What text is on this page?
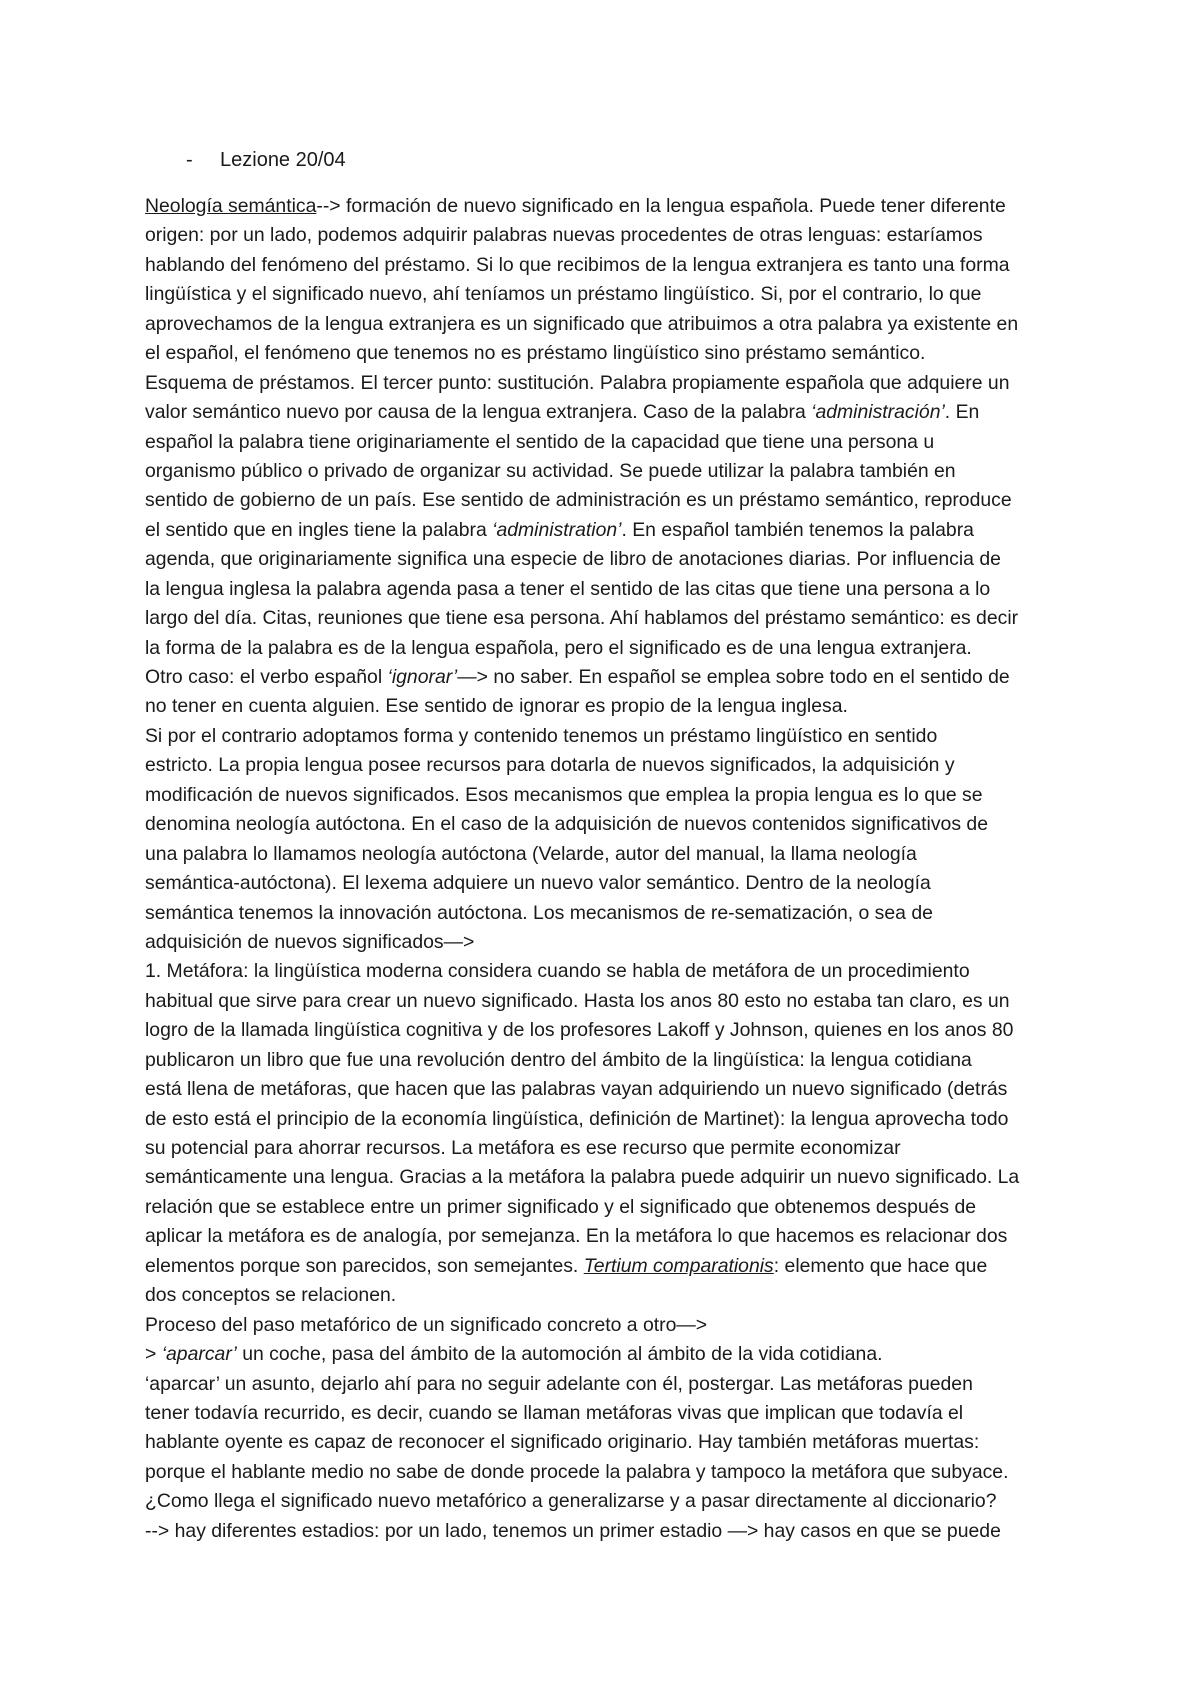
- Lezione 20/04
Neología semántica--> formación de nuevo significado en la lengua española. Puede tener diferente
origen: por un lado, podemos adquirir palabras nuevas procedentes de otras lenguas: estaríamos
hablando del fenómeno del préstamo. Si lo que recibimos de la lengua extranjera es tanto una forma
lingüística y el significado nuevo, ahí teníamos un préstamo lingüístico. Si, por el contrario, lo que
aprovechamos de la lengua extranjera es un significado que atribuimos a otra palabra ya existente en
el español, el fenómeno que tenemos no es préstamo lingüístico sino préstamo semántico.
Esquema de préstamos. El tercer punto: sustitución. Palabra propiamente española que adquiere un
valor semántico nuevo por causa de la lengua extranjera. Caso de la palabra ‘administración’. En
español la palabra tiene originariamente el sentido de la capacidad que tiene una persona u
organismo público o privado de organizar su actividad. Se puede utilizar la palabra también en
sentido de gobierno de un país. Ese sentido de administración es un préstamo semántico, reproduce
el sentido que en ingles tiene la palabra ‘administration’. En español también tenemos la palabra
agenda, que originariamente significa una especie de libro de anotaciones diarias. Por influencia de
la lengua inglesa la palabra agenda pasa a tener el sentido de las citas que tiene una persona a lo
largo del día. Citas, reuniones que tiene esa persona. Ahí hablamos del préstamo semántico: es decir
la forma de la palabra es de la lengua española, pero el significado es de una lengua extranjera.
Otro caso: el verbo español ‘ignorar’—> no saber. En español se emplea sobre todo en el sentido de
no tener en cuenta alguien. Ese sentido de ignorar es propio de la lengua inglesa.
Si por el contrario adoptamos forma y contenido tenemos un préstamo lingüístico en sentido
estricto. La propia lengua posee recursos para dotarla de nuevos significados, la adquisición y
modificación de nuevos significados. Esos mecanismos que emplea la propia lengua es lo que se
denomina neología autóctona. En el caso de la adquisición de nuevos contenidos significativos de
una palabra lo llamamos neología autóctona (Velarde, autor del manual, la llama neología
semántica-autóctona). El lexema adquiere un nuevo valor semántico. Dentro de la neología
semántica tenemos la innovación autóctona. Los mecanismos de re-sematización, o sea de
adquisición de nuevos significados—>
1. Metáfora: la lingüística moderna considera cuando se habla de metáfora de un procedimiento
habitual que sirve para crear un nuevo significado. Hasta los anos 80 esto no estaba tan claro, es un
logro de la llamada lingüística cognitiva y de los profesores Lakoff y Johnson, quienes en los anos 80
publicaron un libro que fue una revolución dentro del ámbito de la lingüística: la lengua cotidiana
está llena de metáforas, que hacen que las palabras vayan adquiriendo un nuevo significado (detrás
de esto está el principio de la economía lingüística, definición de Martinet): la lengua aprovecha todo
su potencial para ahorrar recursos. La metáfora es ese recurso que permite economizar
semánticamente una lengua. Gracias a la metáfora la palabra puede adquirir un nuevo significado. La
relación que se establece entre un primer significado y el significado que obtenemos después de
aplicar la metáfora es de analogía, por semejanza. En la metáfora lo que hacemos es relacionar dos
elementos porque son parecidos, son semejantes. Tertium comparationis: elemento que hace que
dos conceptos se relacionen.
Proceso del paso metafórico de un significado concreto a otro—>
> ‘aparcar’ un coche, pasa del ámbito de la automoción al ámbito de la vida cotidiana.
‘aparcar’ un asunto, dejarlo ahí para no seguir adelante con él, postergar. Las metáforas pueden
tener todavía recurrido, es decir, cuando se llaman metáforas vivas que implican que todavía el
hablante oyente es capaz de reconocer el significado originario. Hay también metáforas muertas:
porque el hablante medio no sabe de donde procede la palabra y tampoco la metáfora que subyace.
¿Como llega el significado nuevo metafórico a generalizarse y a pasar directamente al diccionario?
--> hay diferentes estadios: por un lado, tenemos un primer estadio —> hay casos en que se puede
